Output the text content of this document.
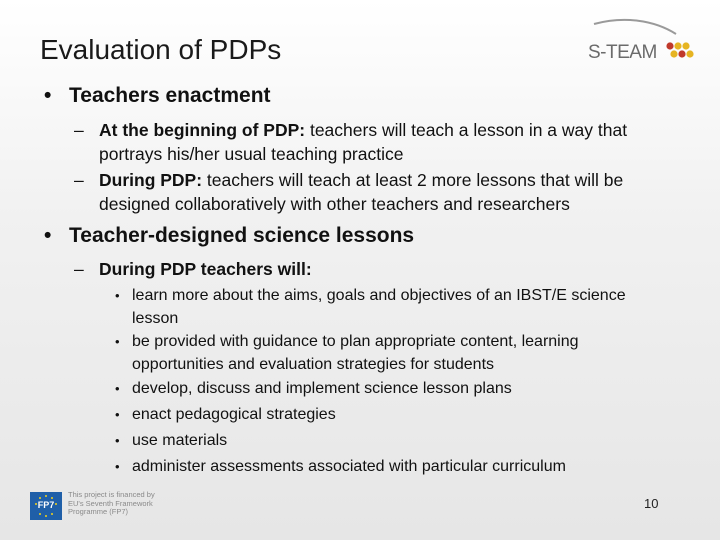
Evaluation of PDPs	S-TEAM
• Teachers enactment
– At the beginning of PDP: teachers will teach a lesson in a way that portrays his/her usual teaching practice
– During PDP: teachers will teach at least 2 more lessons that will be designed collaboratively with other teachers and researchers
• Teacher-designed science lessons
– During PDP teachers will:
• learn more about the aims, goals and objectives of an IBST/E science lesson
• be provided with guidance to plan appropriate content, learning opportunities and evaluation strategies for students
• develop, discuss and implement science lesson plans
• enact pedagogical strategies
• use materials
• administer assessments associated with particular curriculum
FP7
This project is financed by EU's Seventh Framework Programme (FP7)
10
